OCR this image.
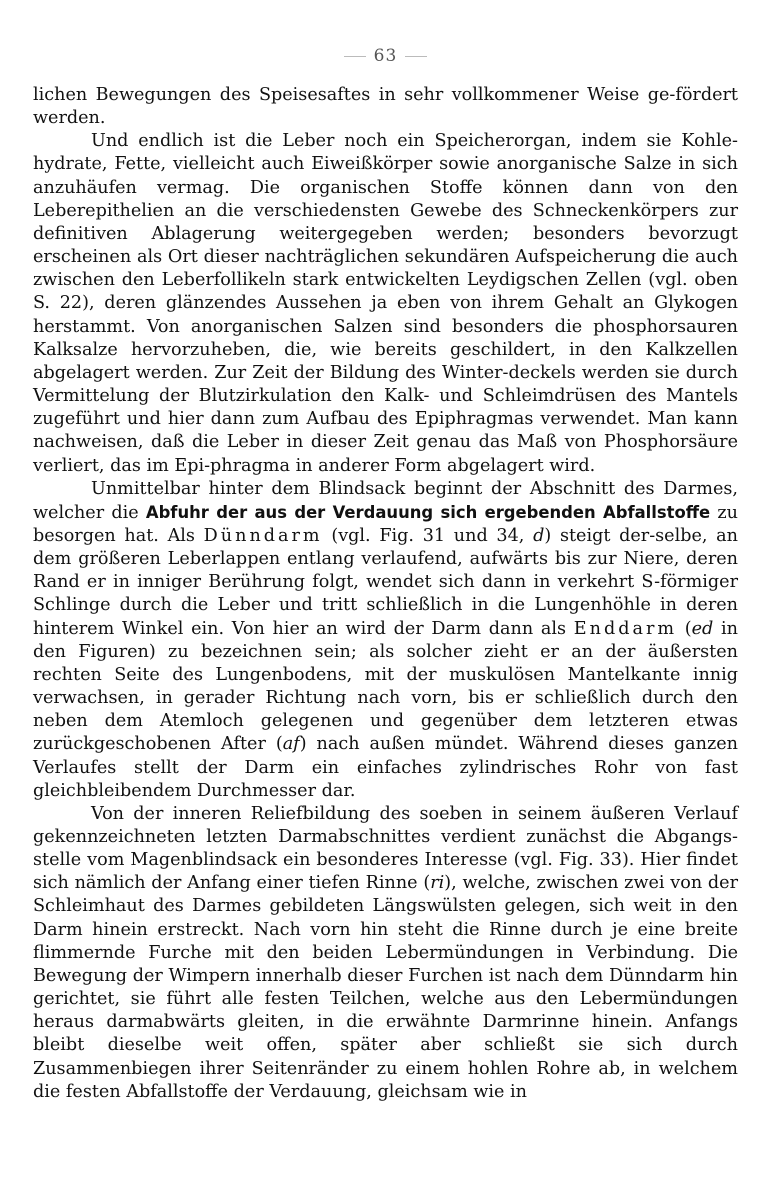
63

lichen Bewegungen des Speisesaftes in sehr vollkommener Weise ge-fördert werden.

Und endlich ist die Leber noch ein Speicherorgan, indem sie Kohle-hydrate, Fette, vielleicht auch Eiweißkörper sowie anorganische Salze in sich anzuhäufen vermag. Die organischen Stoffe können dann von den Leberepithelien an die verschiedensten Gewebe des Schneckenkörpers zur definitiven Ablagerung weitergegeben werden; besonders bevorzugt erscheinen als Ort dieser nachträglichen sekundären Aufspeicherung die auch zwischen den Leberfollikeln stark entwickelten Leydigschen Zellen (vgl. oben S. 22), deren glänzendes Aussehen ja eben von ihrem Gehalt an Glykogen herstammt. Von anorganischen Salzen sind besonders die phosphorsauren Kalksalze hervorzuheben, die, wie bereits geschildert, in den Kalkzellen abgelagert werden. Zur Zeit der Bildung des Winter-deckels werden sie durch Vermittelung der Blutzirkulation den Kalk- und Schleimdrüsen des Mantels zugeführt und hier dann zum Aufbau des Epiphragmas verwendet. Man kann nachweisen, daß die Leber in dieser Zeit genau das Maß von Phosphorsäure verliert, das im Epi-phragma in anderer Form abgelagert wird.

Unmittelbar hinter dem Blindsack beginnt der Abschnitt des Darmes, welcher die Abfuhr der aus der Verdauung sich ergebenden Abfallstoffe zu besorgen hat. Als Dünndarm (vgl. Fig. 31 und 34, d) steigt der-selbe, an dem größeren Leberlappen entlang verlaufend, aufwärts bis zur Niere, deren Rand er in inniger Berührung folgt, wendet sich dann in verkehrt S-förmiger Schlinge durch die Leber und tritt schließlich in die Lungenhöhle in deren hinterem Winkel ein. Von hier an wird der Darm dann als Enddarm (ed in den Figuren) zu bezeichnen sein; als solcher zieht er an der äußersten rechten Seite des Lungenbodens, mit der muskulösen Mantelkante innig verwachsen, in gerader Richtung nach vorn, bis er schließlich durch den neben dem Atemloch gelegenen und gegenüber dem letzteren etwas zurückgeschobenen After (af) nach außen mündet. Während dieses ganzen Verlaufes stellt der Darm ein einfaches zylindrisches Rohr von fast gleichbleibendem Durchmesser dar.

Von der inneren Reliefbildung des soeben in seinem äußeren Verlauf gekennzeichneten letzten Darmabschnittes verdient zunächst die Abgangs-stelle vom Magenblindsack ein besonderes Interesse (vgl. Fig. 33). Hier findet sich nämlich der Anfang einer tiefen Rinne (ri), welche, zwischen zwei von der Schleimhaut des Darmes gebildeten Längswülsten gelegen, sich weit in den Darm hinein erstreckt. Nach vorn hin steht die Rinne durch je eine breite flimmernde Furche mit den beiden Lebermündungen in Verbindung. Die Bewegung der Wimpern innerhalb dieser Furchen ist nach dem Dünndarm hin gerichtet, sie führt alle festen Teilchen, welche aus den Lebermündungen heraus darmabwärts gleiten, in die erwähnte Darmrinne hinein. Anfangs bleibt dieselbe weit offen, später aber schließt sie sich durch Zusammenbiegen ihrer Seitenränder zu einem hohlen Rohre ab, in welchem die festen Abfallstoffe der Verdauung, gleichsam wie in
